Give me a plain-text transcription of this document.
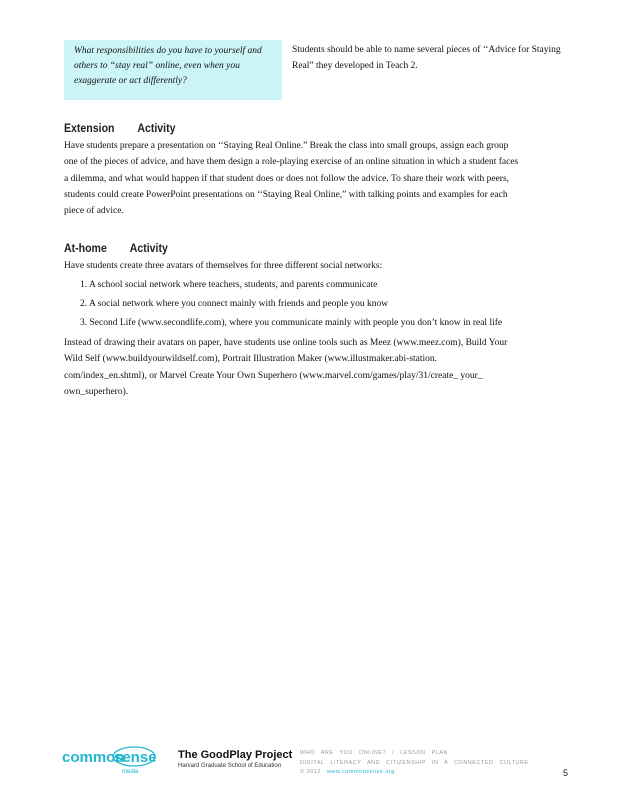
What responsibilities do you have to yourself and others to “stay real” online, even when you exaggerate or act differently?
Students should be able to name several pieces of ‘‘Advice for Staying Real” they developed in Teach 2.
Extension Activity
Have students prepare a presentation on ‘‘Staying Real Online.” Break the class into small groups, assign each group one of the pieces of advice, and have them design a role-playing exercise of an online situation in which a student faces a dilemma, and what would happen if that student does or does not follow the advice. To share their work with peers, students could create PowerPoint presentations on ‘‘Staying Real Online,” with talking points and examples for each piece of advice.
At-home Activity
Have students create three avatars of themselves for three different social networks:
1. A school social network where teachers, students, and parents communicate
2. A social network where you connect mainly with friends and people you know
3. Second Life (www.secondlife.com), where you communicate mainly with people you don’t know in real life
Instead of drawing their avatars on paper, have students use online tools such as Meez (www.meez.com), Build Your Wild Self (www.buildyourwildself.com), Portrait Illustration Maker (www.illustmaker.abi-station. com/index_en.shtml), or Marvel Create Your Own Superhero (www.marvel.com/games/play/31/create_ your_ own_superhero).
common
sense
media
The GoodPlay Project
Harvard Graduate School of Education
WHO   ARE   YOU   ONLINE?   /   LESSON   PLAN
DIGITAL   LITERACY   AND   CITIZENSHIP   IN   A   CONNECTED   CULTURE
© 2012 www.commonsense.org	5
